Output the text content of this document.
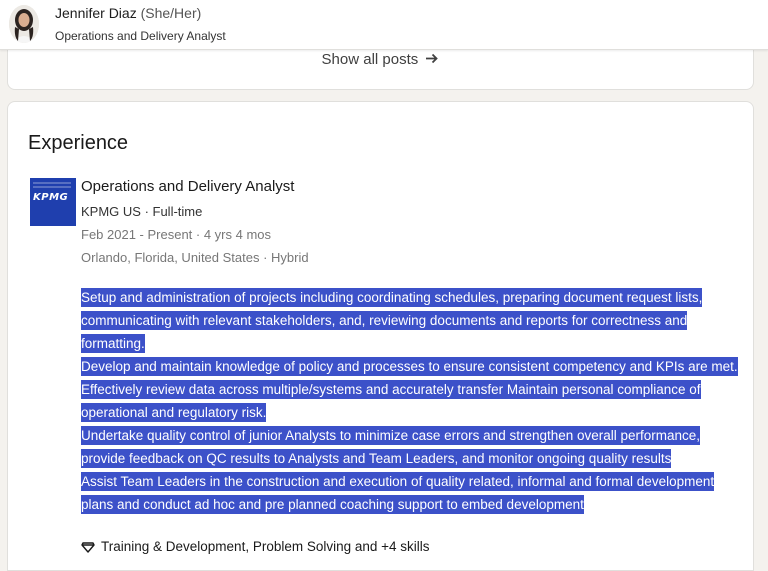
Jennifer Diaz (She/Her)
Operations and Delivery Analyst
Show all posts
Experience
KPMG
Operations and Delivery Analyst
KPMG US · Full-time
Feb 2021 - Present · 4 yrs 4 mos
Orlando, Florida, United States · Hybrid
Setup and administration of projects including coordinating schedules, preparing document request lists, communicating with relevant stakeholders, and, reviewing documents and reports for correctness and formatting.
Develop and maintain knowledge of policy and processes to ensure consistent competency and KPIs are met.
Effectively review data across multiple/systems and accurately transfer Maintain personal compliance of operational and regulatory risk.
Undertake quality control of junior Analysts to minimize case errors and strengthen overall performance, provide feedback on QC results to Analysts and Team Leaders, and monitor ongoing quality results
Assist Team Leaders in the construction and execution of quality related, informal and formal development plans and conduct ad hoc and pre planned coaching support to embed development
Training & Development, Problem Solving and +4 skills
